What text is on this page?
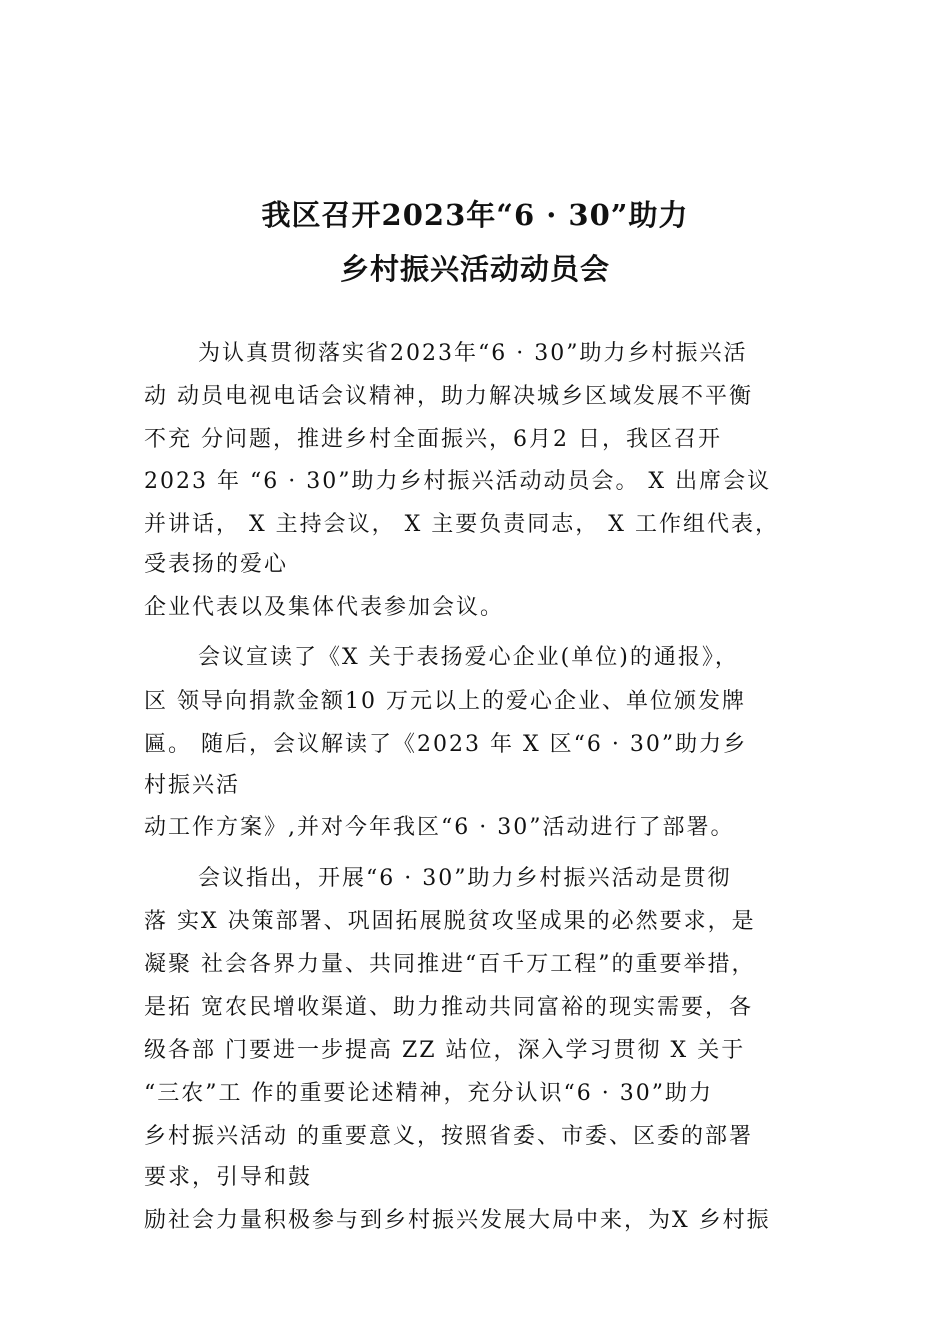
我区召开2023年“6 · 30”助力
乡村振兴活动动员会
为认真贯彻落实省2023年“6 · 30”助力乡村振兴活
动 动员电视电话会议精神，助力解决城乡区域发展不平衡
不充 分问题，推进乡村全面振兴，6月2 日，我区召开
2023 年 “6 · 30”助力乡村振兴活动动员会。 X 出席会议
并讲话， X 主持会议， X 主要负责同志， X 工作组代表，
受表扬的爱心
企业代表以及集体代表参加会议。
会议宣读了《X 关于表扬爱心企业(单位)的通报》，
区 领导向捐款金额10 万元以上的爱心企业、单位颁发牌
匾。 随后，会议解读了《2023 年 X 区“6 · 30”助力乡
村振兴活
动工作方案》,并对今年我区“6 · 30”活动进行了部署。
会议指出，开展“6 · 30”助力乡村振兴活动是贯彻
落 实X 决策部署、巩固拓展脱贫攻坚成果的必然要求，是
凝聚 社会各界力量、共同推进“百千万工程”的重要举措，
是拓 宽农民增收渠道、助力推动共同富裕的现实需要，各
级各部 门要进一步提高 ZZ 站位，深入学习贯彻 X 关于
“三农”工 作的重要论述精神，充分认识“6 · 30”助力
乡村振兴活动 的重要意义，按照省委、市委、区委的部署
要求，引导和鼓
励社会力量积极参与到乡村振兴发展大局中来，为X 乡村振
